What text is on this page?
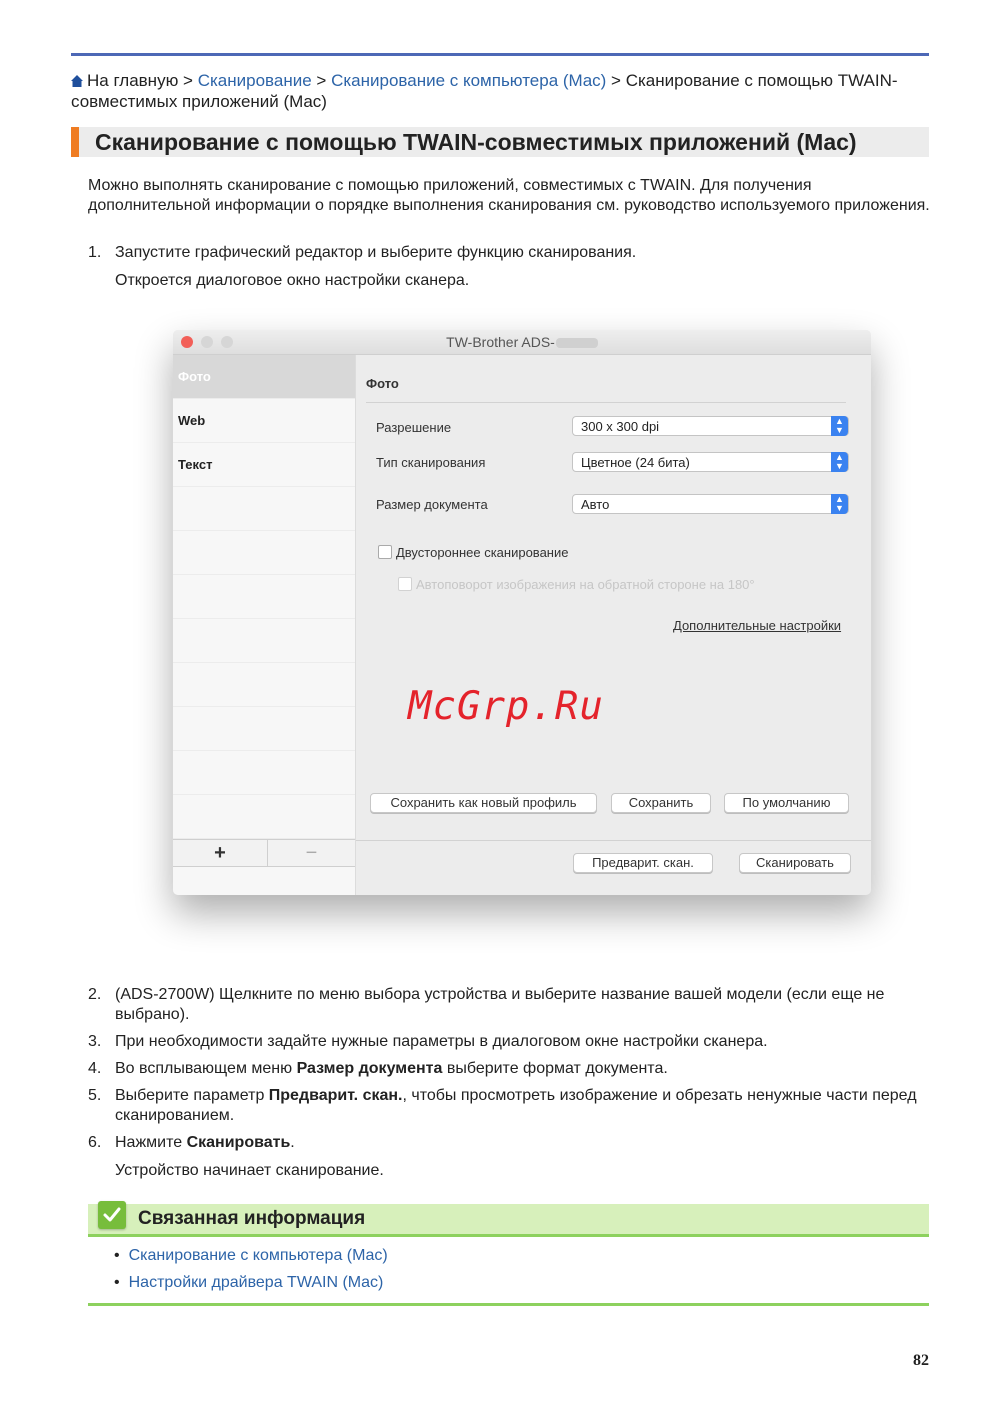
На главную > Сканирование > Сканирование с компьютера (Mac) > Сканирование с помощью TWAIN-совместимых приложений (Mac)
Сканирование с помощью TWAIN-совместимых приложений (Mac)
Можно выполнять сканирование с помощью приложений, совместимых с TWAIN. Для получения дополнительной информации о порядке выполнения сканирования см. руководство используемого приложения.
1. Запустите графический редактор и выберите функцию сканирования.
Откроется диалоговое окно настройки сканера.
TW-Brother ADS-
Фото
Web
Текст
+	−
Фото
Разрешение	300 x 300 dpi	▲
▼
Тип сканирования	Цветное (24 бита)	▲
▼
Размер документа	Авто	▲
▼
Двустороннее сканирование
Автоповорот изображения на обратной стороне на 180°
Дополнительные настройки
Сохранить как новый профиль	Сохранить	По умолчанию
Предварит. скан.	Сканировать
McGrp.Ru
2. (ADS-2700W) Щелкните по меню выбора устройства и выберите название вашей модели (если еще не выбрано).
3. При необходимости задайте нужные параметры в диалоговом окне настройки сканера.
4. Во всплывающем меню Размер документа выберите формат документа.
5. Выберите параметр Предварит. скан., чтобы просмотреть изображение и обрезать ненужные части перед сканированием.
6. Нажмите Сканировать.
Устройство начинает сканирование.
Связанная информация
• Сканирование с компьютера (Mac)
• Настройки драйвера TWAIN (Mac)
82
